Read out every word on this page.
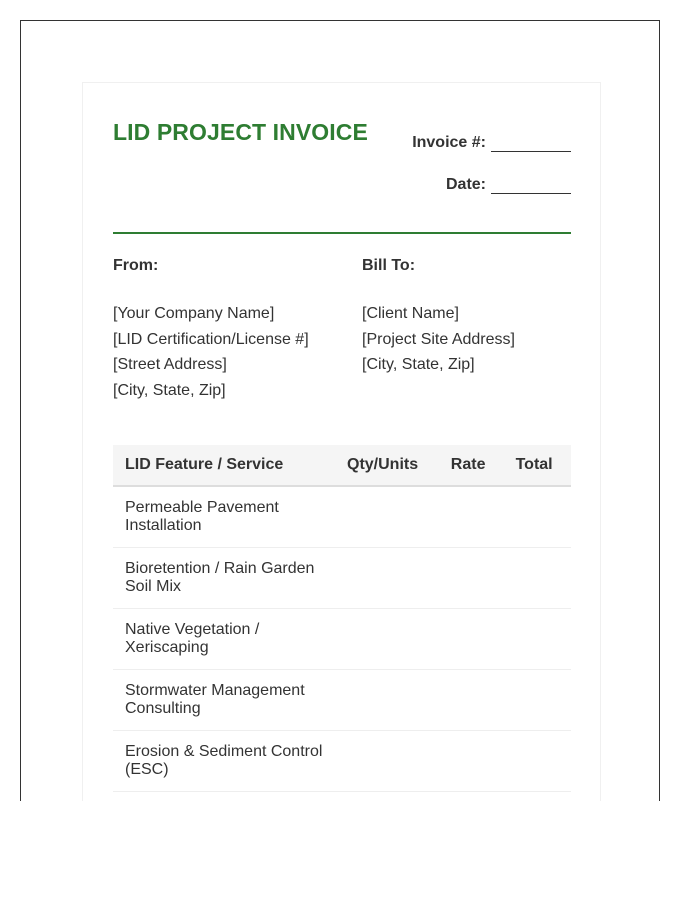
LID PROJECT INVOICE	Invoice #:
Date:
From:
[Your Company Name]
[LID Certification/License #]
[Street Address]
[City, State, Zip]
Bill To:
[Client Name]
[Project Site Address]
[City, State, Zip]
LID Feature / Service	Qty/Units	Rate	Total
Permeable Pavement Installation			
Bioretention / Rain Garden Soil Mix			
Native Vegetation / Xeriscaping			
Stormwater Management Consulting			
Erosion & Sediment Control (ESC)			
